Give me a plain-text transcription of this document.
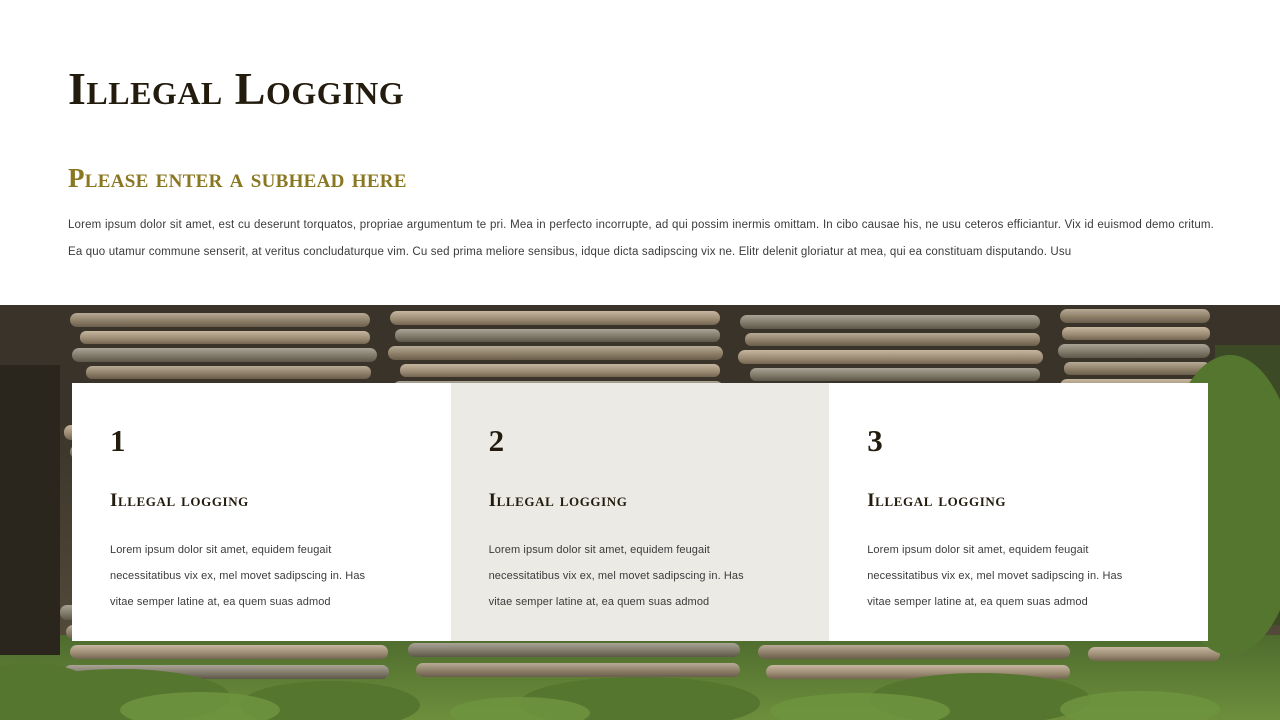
Illegal Logging
Please enter a subhead here
Lorem ipsum dolor sit amet, est cu deserunt torquatos, propriae argumentum te pri. Mea in perfecto incorrupte, ad qui possim inermis omittam. In cibo causae his, ne usu ceteros efficiantur. Vix id euismod demo critum. Ea quo utamur commune senserit, at veritus concludaturque vim. Cu sed prima meliore sensibus, idque dicta sadipscing vix ne. Elitr delenit gloriatur at mea, qui ea constituam disputando. Usu
1
Illegal logging

Lorem ipsum dolor sit amet, equidem feugait necessitatibus vix ex, mel movet sadipscing in. Has vitae semper latine at, ea quem suas admod

2
Illegal logging

Lorem ipsum dolor sit amet, equidem feugait necessitatibus vix ex, mel movet sadipscing in. Has vitae semper latine at, ea quem suas admod

3
Illegal logging

Lorem ipsum dolor sit amet, equidem feugait necessitatibus vix ex, mel movet sadipscing in. Has vitae semper latine at, ea quem suas admod
